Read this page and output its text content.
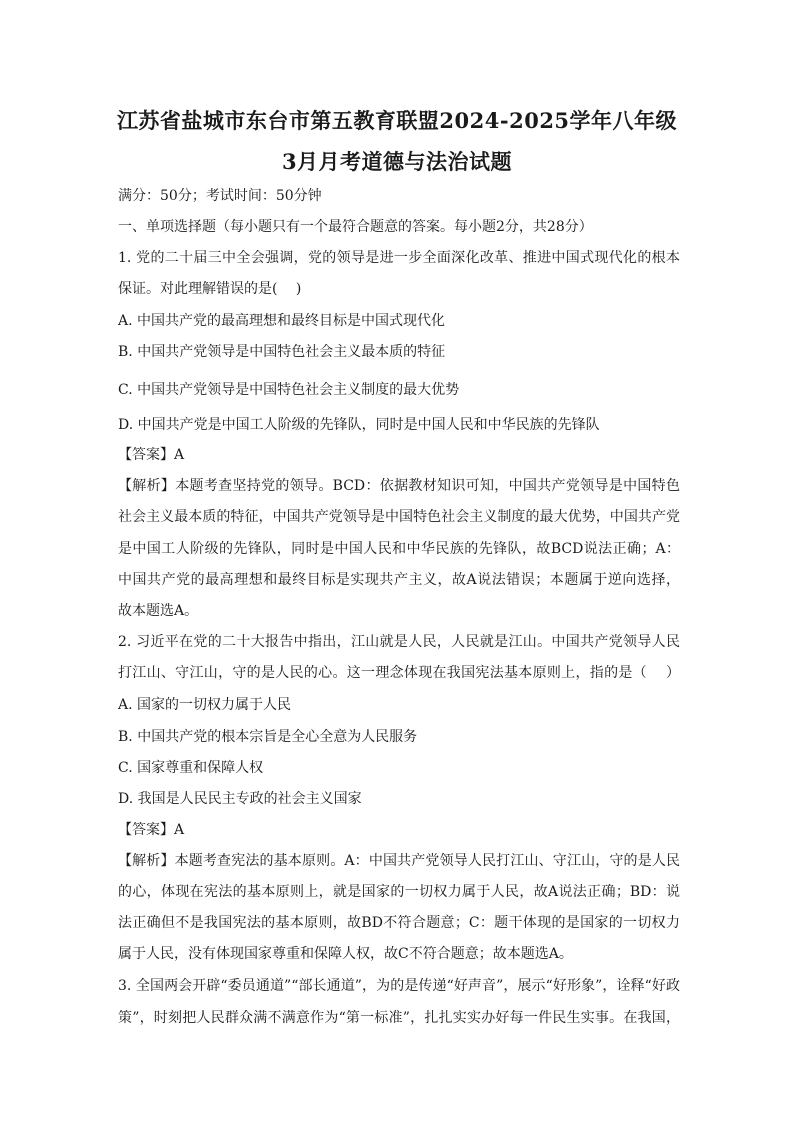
江苏省盐城市东台市第五教育联盟2024-2025学年八年级
3月月考道德与法治试题
满分：50分；考试时间：50分钟
一、单项选择题（每小题只有一个最符合题意的答案。每小题2分，共28分）
1. 党的二十届三中全会强调，党的领导是进一步全面深化改革、推进中国式现代化的根本
保证。对此理解错误的是(　 )
A. 中国共产党的最高理想和最终目标是中国式现代化
B. 中国共产党领导是中国特色社会主义最本质的特征
C. 中国共产党领导是中国特色社会主义制度的最大优势
D. 中国共产党是中国工人阶级的先锋队，同时是中国人民和中华民族的先锋队
【答案】A
【解析】本题考查坚持党的领导。BCD：依据教材知识可知，中国共产党领导是中国特色
社会主义最本质的特征，中国共产党领导是中国特色社会主义制度的最大优势，中国共产党
是中国工人阶级的先锋队，同时是中国人民和中华民族的先锋队，故BCD说法正确；A：
中国共产党的最高理想和最终目标是实现共产主义，故A说法错误；本题属于逆向选择，
故本题选A。
2. 习近平在党的二十大报告中指出，江山就是人民，人民就是江山。中国共产党领导人民
打江山、守江山，守的是人民的心。这一理念体现在我国宪法基本原则上，指的是（　 ）
A. 国家的一切权力属于人民
B. 中国共产党的根本宗旨是全心全意为人民服务
C. 国家尊重和保障人权
D. 我国是人民民主专政的社会主义国家
【答案】A
【解析】本题考查宪法的基本原则。A：中国共产党领导人民打江山、守江山，守的是人民
的心，体现在宪法的基本原则上，就是国家的一切权力属于人民，故A说法正确；BD：说
法正确但不是我国宪法的基本原则，故BD不符合题意；C：题干体现的是国家的一切权力
属于人民，没有体现国家尊重和保障人权，故C不符合题意；故本题选A。
3. 全国两会开辟“委员通道”“部长通道”，为的是传递“好声音”，展示“好形象”，诠释“好政
策”，时刻把人民群众满不满意作为“第一标准”，扎扎实实办好每一件民生实事。在我国，
